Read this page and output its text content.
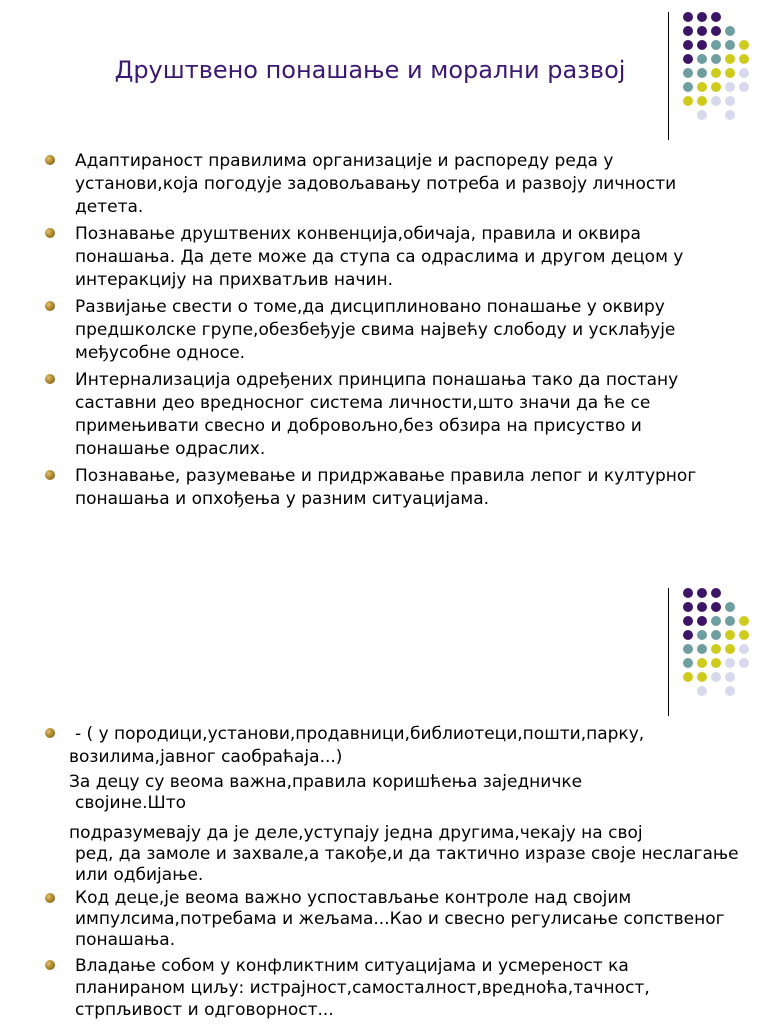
Друштвено понашање и морални развој
Адаптираност правилима организације и распореду реда у установи,која погодује задовољавању потреба и развоју личности детета.
Познавање друштвених конвенција,обичаја, правила и оквира понашања. Да дете може да ступа са одраслима и другом децом у интеракцију на прихватљив начин.
Развијање свести о томе,да дисциплиновано понашање у оквиру предшколске групе,обезбеђује свима највећу слободу и усклађује међусобне односе.
Интернализација одређених принципа понашања тако да постану саставни део вредносног система личности,што значи да ће се примењивати свесно и добровољно,без обзира на присуство и понашање одраслих.
Познавање, разумевање и придржавање правила лепог и културног понашања и опхођења у разним ситуацијама.
- ( у породици,установи,продавници,библиотеци,пошти,парку,
возилима,јавног саобраћаја...)
За децу су веома важна,правила коришћења заједничке
својине.Што
подразумевају да је деле,уступају једна другима,чекају на свој
ред, да замоле и захвале,а такође,и да тактично изразе своје неслагање или одбијање.
Код деце,је веома важно успостављање контроле над својим импулсима,потребама и жељама...Као и свесно регулисање сопственог понашања.
Владање собом у конфликтним ситуацијама и усмереност ка планираном циљу: истрајност,самосталност,вредноћа,тачност, стрпљивост и одговорност...
